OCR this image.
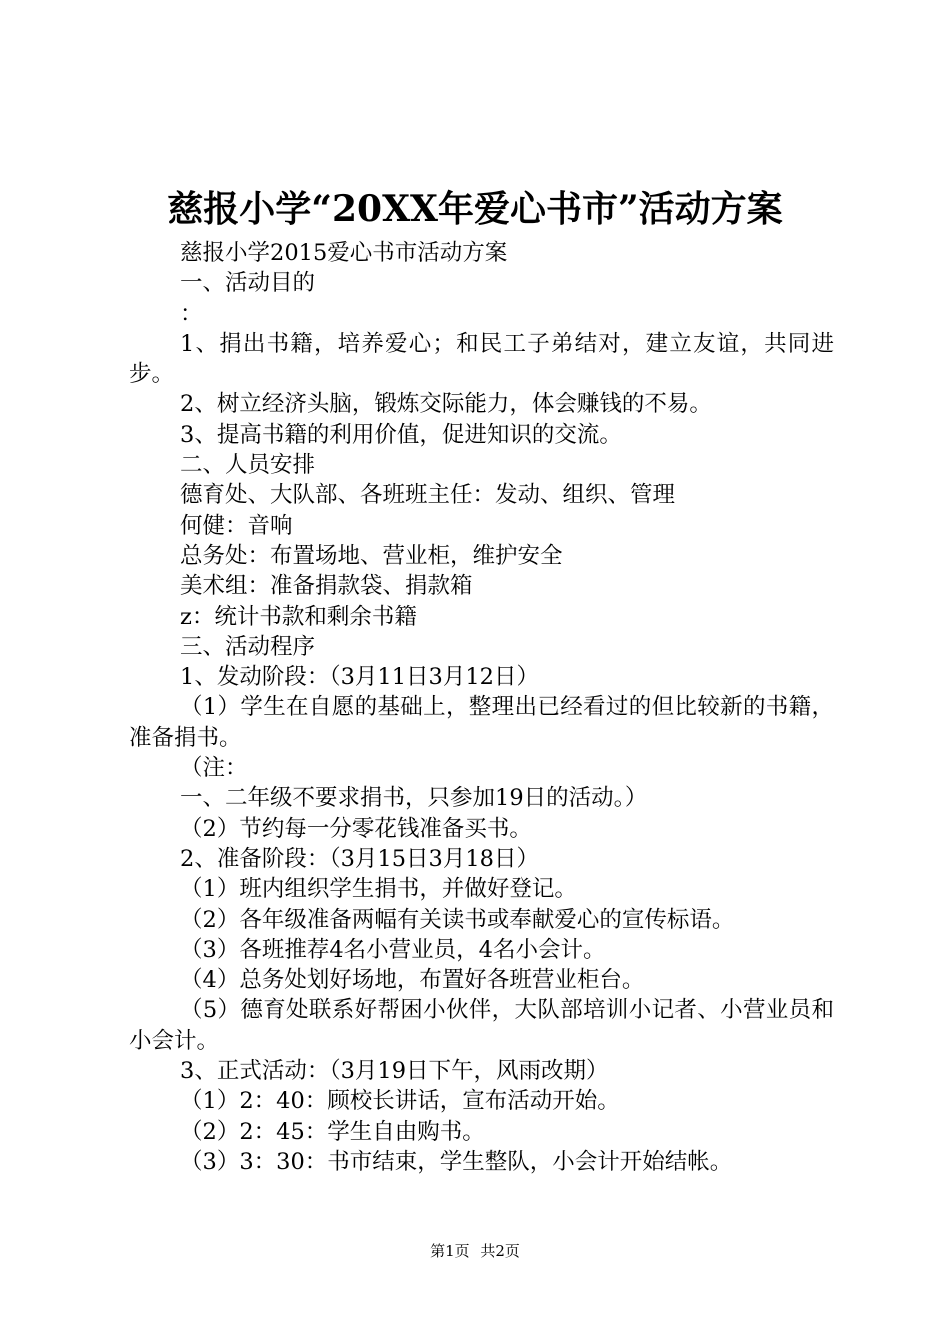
慈报小学“20XX年爱心书市”活动方案

慈报小学2015爱心书市活动方案

一、活动目的

：

1、捐出书籍，培养爱心；和民工子弟结对，建立友谊，共同进步。

2、树立经济头脑，锻炼交际能力，体会赚钱的不易。

3、提高书籍的利用价值，促进知识的交流。

二、人员安排

德育处、大队部、各班班主任：发动、组织、管理

何健：音响

总务处：布置场地、营业柜，维护安全

美术组：准备捐款袋、捐款箱

z：统计书款和剩余书籍

三、活动程序

1、发动阶段：（3月11日3月12日）

（1）学生在自愿的基础上，整理出已经看过的但比较新的书籍，准备捐书。

（注：

一、二年级不要求捐书，只参加19日的活动。）

（2）节约每一分零花钱准备买书。

2、准备阶段：（3月15日3月18日）

（1）班内组织学生捐书，并做好登记。

（2）各年级准备两幅有关读书或奉献爱心的宣传标语。

（3）各班推荐4名小营业员，4名小会计。

（4）总务处划好场地，布置好各班营业柜台。

（5）德育处联系好帮困小伙伴，大队部培训小记者、小营业员和小会计。

3、正式活动：（3月19日下午，风雨改期）

（1）2：40：顾校长讲话，宣布活动开始。

（2）2：45：学生自由购书。

（3）3：30：书市结束，学生整队，小会计开始结帐。

第1页 共2页
